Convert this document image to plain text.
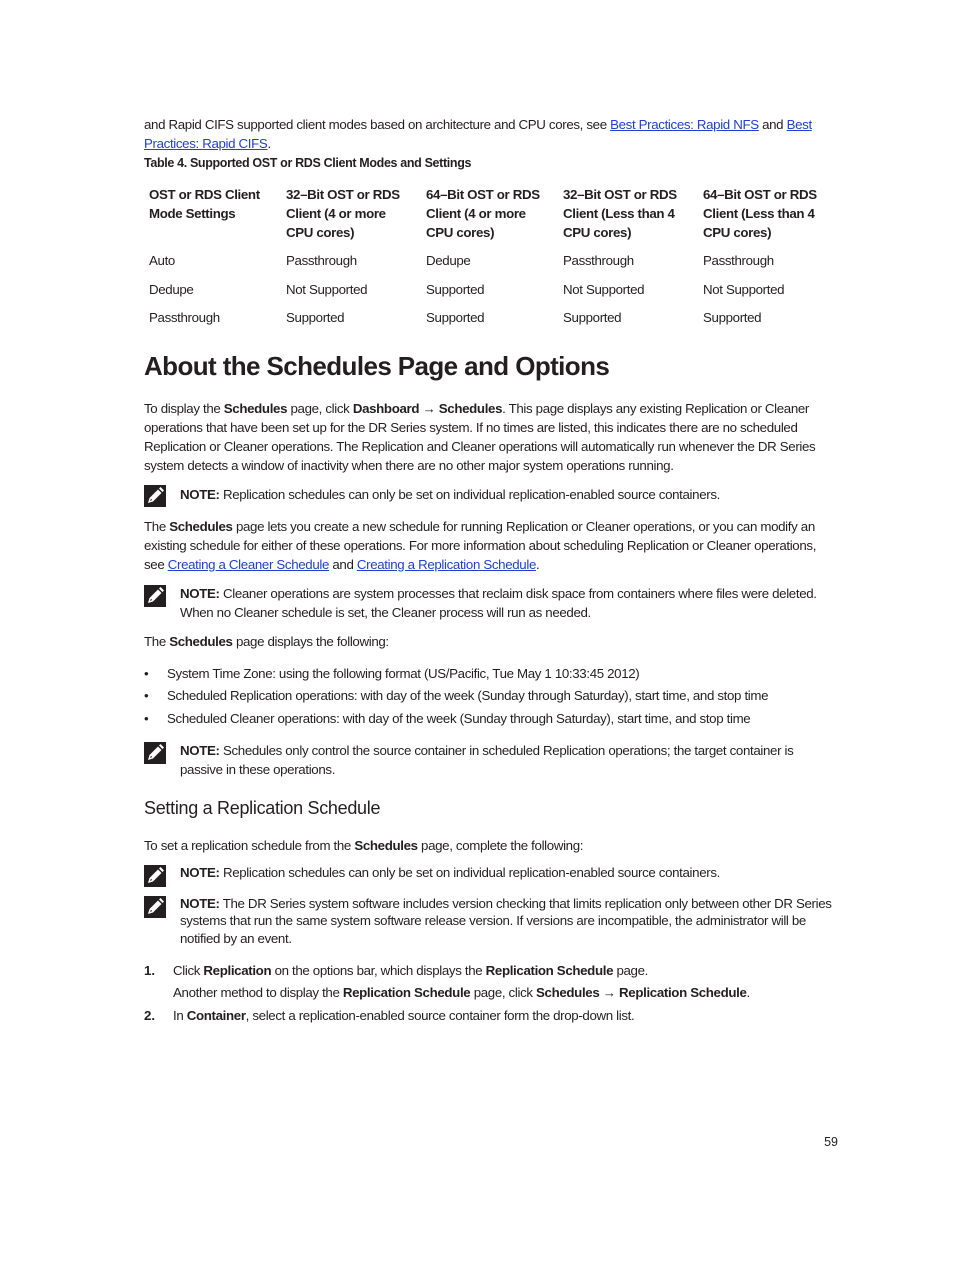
and Rapid CIFS supported client modes based on architecture and CPU cores, see Best Practices: Rapid NFS and Best Practices: Rapid CIFS.
Table 4. Supported OST or RDS Client Modes and Settings
OST or RDS Client Mode Settings	32–Bit OST or RDS Client (4 or more CPU cores)	64–Bit OST or RDS Client (4 or more CPU cores)	32–Bit OST or RDS Client (Less than 4 CPU cores)	64–Bit OST or RDS Client (Less than 4 CPU cores)
Auto	Passthrough	Dedupe	Passthrough	Passthrough
Dedupe	Not Supported	Supported	Not Supported	Not Supported
Passthrough	Supported	Supported	Supported	Supported
About the Schedules Page and Options
To display the Schedules page, click Dashboard → Schedules. This page displays any existing Replication or Cleaner operations that have been set up for the DR Series system. If no times are listed, this indicates there are no scheduled Replication or Cleaner operations. The Replication and Cleaner operations will automatically run whenever the DR Series system detects a window of inactivity when there are no other major system operations running.
NOTE: Replication schedules can only be set on individual replication-enabled source containers.
The Schedules page lets you create a new schedule for running Replication or Cleaner operations, or you can modify an existing schedule for either of these operations. For more information about scheduling Replication or Cleaner operations, see Creating a Cleaner Schedule and Creating a Replication Schedule.
NOTE: Cleaner operations are system processes that reclaim disk space from containers where files were deleted. When no Cleaner schedule is set, the Cleaner process will run as needed.
The Schedules page displays the following:
•	System Time Zone: using the following format (US/Pacific, Tue May 1 10:33:45 2012)
•	Scheduled Replication operations: with day of the week (Sunday through Saturday), start time, and stop time
•	Scheduled Cleaner operations: with day of the week (Sunday through Saturday), start time, and stop time
NOTE: Schedules only control the source container in scheduled Replication operations; the target container is passive in these operations.
Setting a Replication Schedule
To set a replication schedule from the Schedules page, complete the following:
NOTE: Replication schedules can only be set on individual replication-enabled source containers.
NOTE: The DR Series system software includes version checking that limits replication only between other DR Series systems that run the same system software release version. If versions are incompatible, the administrator will be notified by an event.
1. Click Replication on the options bar, which displays the Replication Schedule page.
Another method to display the Replication Schedule page, click Schedules → Replication Schedule.
2. In Container, select a replication-enabled source container form the drop-down list.
59
